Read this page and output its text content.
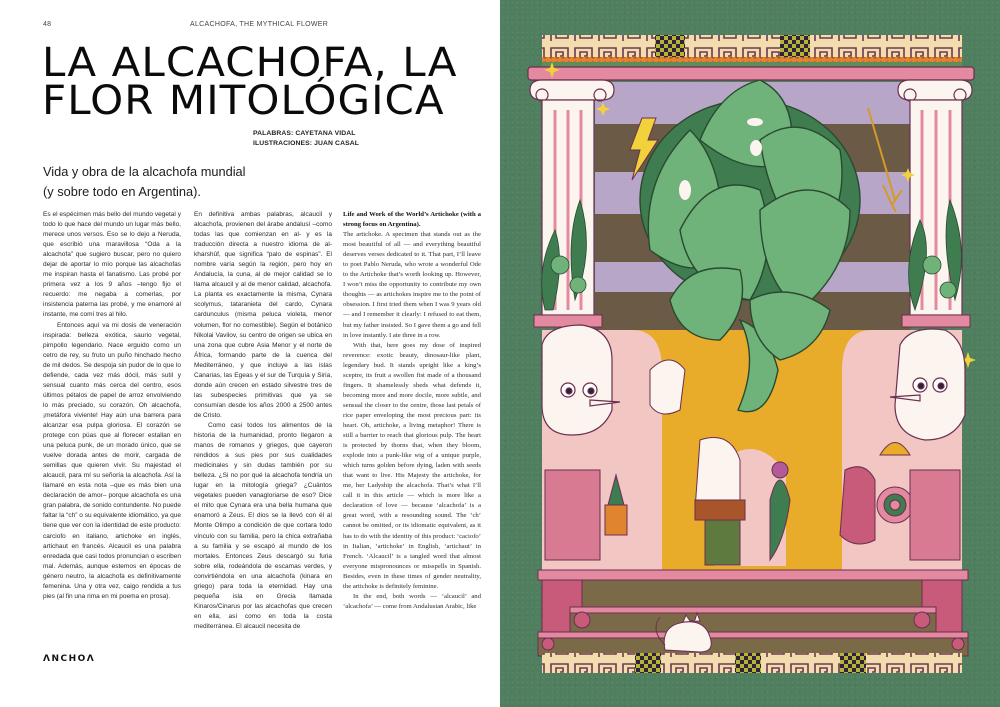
48	ALCACHOFA, THE MYTHICAL FLOWER
LA ALCACHOFA, LA
FLOR MITOLÓGICA
PALABRAS: CAYETANA VIDAL
ILUSTRACIONES: JUAN CASAL
Vida y obra de la alcachofa mundial
(y sobre todo en Argentina).

Es el espécimen más bello del mundo vegetal y todo lo que hace del mundo un lugar más bello, merece unos versos. Eso se lo dejo a Neruda, que escribió una maravillosa “Oda a la alcachofa” que sugiero buscar, pero no quiero dejar de aportar lo mío porque las alcachofas me inspiran hasta el fanatismo. Las probé por primera vez a los 9 años –tengo fijo el recuerdo: me negaba a comerlas, por insistencia paterna las probé, y me enamoré al instante, me comí tres al hilo.

Entonces aquí va mi dosis de veneración inspirada: belleza exótica, saurio vegetal, pimpollo legendario. Nace erguido como un cetro de rey, su fruto un puño hinchado hecho de mil dedos. Se despoja sin pudor de lo que lo defiende, cada vez más dócil, más sutil y sensual cuanto más cerca del centro, esos últimos pétalos de papel de arroz envolviendo lo más preciado, su corazón. Oh alcachofa, ¡metáfora viviente! Hay aún una barrera para alcanzar esa pulpa gloriosa. El corazón se protege con púas que al florecer estallan en una peluca punk, de un morado único, que se vuelve dorada antes de morir, cargada de semillas que quieren vivir. Su majestad el alcaucil, para mí su señoría la alcachofa. Así la llamaré en esta nota –que es más bien una declaración de amor– porque alcachofa es una gran palabra, de sonido contundente. No puede faltar la “ch” o su equivalente idiomático, ya que tiene que ver con la identidad de este producto: carciofo en italiano, artichoke en inglés, artichaut en francés. Alcaucil es una palabra enredada que casi todos pronuncian o escriben mal. Además, aunque estemos en épocas de género neutro, la alcachofa es definitivamente femenina. Una y otra vez, caigo rendida a tus pies (al fin una rima en mi poema en prosa).

En definitiva ambas palabras, alcaucil y alcachofa, provienen del árabe andalusí –como todas las que comienzan en al- y es la traducción directa a nuestro idioma de al-kharshûf, que significa “palo de espinas”. El nombre varía según la región, pero hoy en Andalucía, la cuna, al de mejor calidad se lo llama alcaucil y al de menor calidad, alcachofa. La planta es exactamente la misma, Cynara scolymus, tataranieta del cardo, Cynara cardunculus (misma peluca violeta, menor volumen, flor no comestible). Según el botánico Nikolai Vavilov, su centro de origen se ubica en una zona que cubre Asia Menor y el norte de África, formando parte de la cuenca del Mediterráneo, y que incluye a las islas Canarias, las Egeas y el sur de Turquía y Siria, donde aún crecen en estado silvestre tres de las subespecies primitivas que ya se consumían desde los años 2000 a 2500 antes de Cristo.

Como casi todos los alimentos de la historia de la humanidad, pronto llegaron a manos de romanos y griegos, que cayeron rendidos a sus pies por sus cualidades medicinales y sin dudas también por su belleza. ¿Si no por qué la alcachofa tendría un lugar en la mitología griega? ¿Cuántos vegetales pueden vanagloriarse de eso? Dice el mito que Cynara era una bella humana que enamoró a Zeus. El dios se la llevó con él al Monte Olimpo a condición de que cortara todo vínculo con su familia, pero la chica extrañaba a su familia y se escapó al mundo de los mortales. Entonces Zeus descargó su furia sobre ella, rodeándola de escamas verdes, y convirtiéndola en una alcachofa (kinara en griego) para toda la eternidad. Hay una pequeña isla en Grecia llamada Kinaros/Cinarus por las alcachofas que crecen en ella, así como en toda la costa mediterránea. El alcaucil necesita de

Life and Work of the World’s Artichoke (with a strong focus on Argentina).

The artichoke. A specimen that stands out as the most beautiful of all — and everything beautiful deserves verses dedicated to it. That part, I’ll leave to poet Pablo Neruda, who wrote a wonderful Ode to the Artichoke that’s worth looking up. However, I won’t miss the opportunity to contribute my own thoughts — as artichokes inspire me to the point of obsession. I first tried them when I was 9 years old — and I remember it clearly: I refused to eat them, but my father insisted. So I gave them a go and fell in love instantly. I ate three in a row.

With that, here goes my dose of inspired reverence: exotic beauty, dinosaur-like plant, legendary bud. It stands upright like a king’s sceptre, its fruit a swollen fist made of a thousand fingers. It shamelessly sheds what defends it, becoming more and more docile, more subtle, and sensual the closer to the centre, those last petals of rice paper enveloping the most precious part: its heart. Oh, artichoke, a living metaphor! There is still a barrier to reach that glorious pulp. The heart is protected by thorns that, when they bloom, explode into a punk-like wig of a unique purple, which turns golden before dying, laden with seeds that want to live. His Majesty the artichoke, for me, her Ladyship the alcachofa. That’s what I’ll call it in this article — which is more like a declaration of love — because ‘alcachofa’ is a great word, with a resounding sound. The ‘ch’ cannot be omitted, or its idiomatic equivalent, as it has to do with the identity of this product: ‘caciofo’ in Italian, ‘artichoke’ in English, ‘artichaut’ in French. ‘Alcaucil’ is a tangled word that almost everyone mispronounces or misspells in Spanish. Besides, even in these times of gender neutrality, the artichoke is definitely feminine.

In the end, both words — ‘alcaucil’ and ‘alcachofa’ — come from Andalusian Arabic, like

ΛNCHOΛ
